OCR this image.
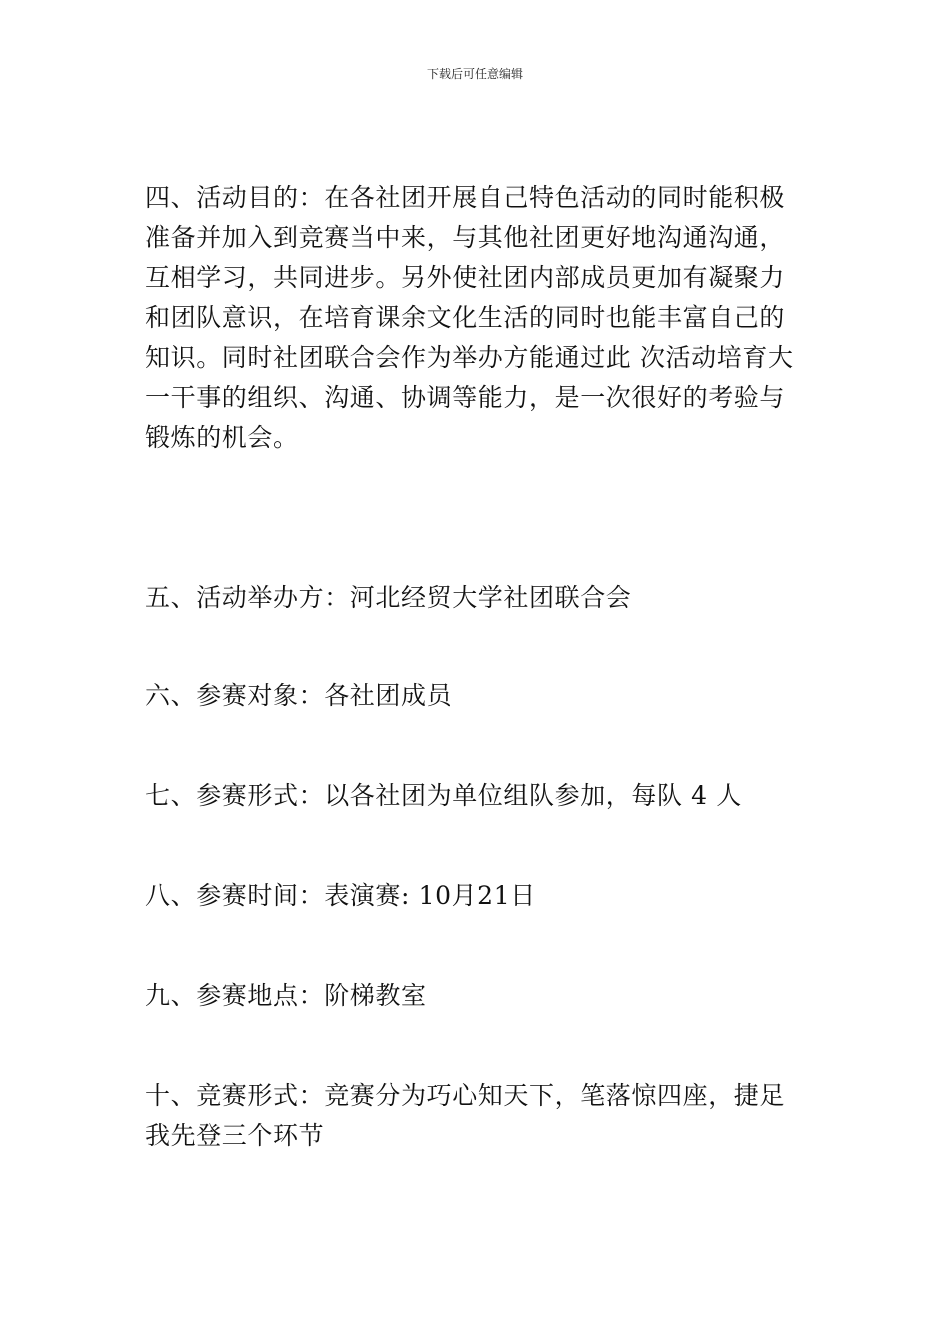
下载后可任意编辑

四、活动目的：在各社团开展自己特色活动的同时能积极准备并加入到竞赛当中来，与其他社团更好地沟通沟通，互相学习，共同进步。另外使社团内部成员更加有凝聚力和团队意识，在培育课余文化生活的同时也能丰富自己的知识。同时社团联合会作为举办方能通过此 次活动培育大一干事的组织、沟通、协调等能力，是一次很好的考验与锻炼的机会。

五、活动举办方：河北经贸大学社团联合会

六、参赛对象：各社团成员

七、参赛形式：以各社团为单位组队参加，每队 4 人

八、参赛时间：表演赛: 10月21日

九、参赛地点：阶梯教室

十、竞赛形式：竞赛分为巧心知天下，笔落惊四座，捷足我先登三个环节
